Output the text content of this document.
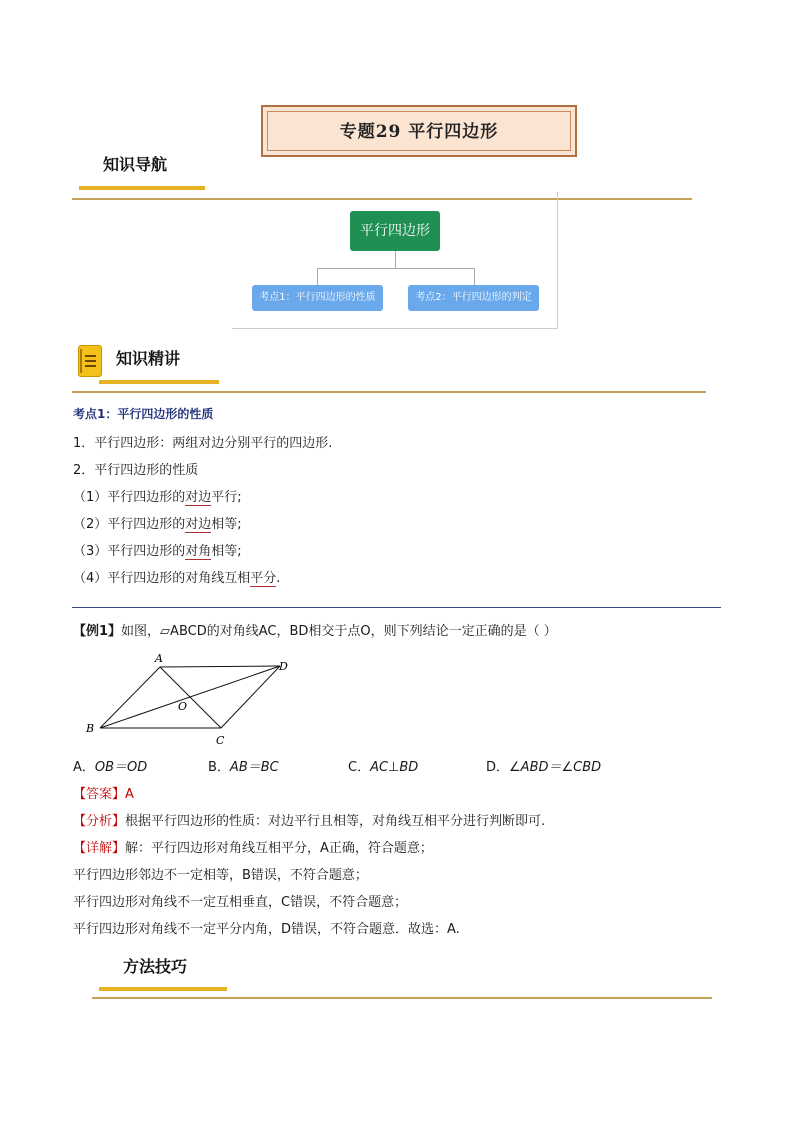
专题29 平行四边形
知识导航
平行四边形
考点1：平行四边形的性质	考点2：平行四边形的判定
知识精讲
考点1：平行四边形的性质
1．平行四边形：两组对边分别平行的四边形.
2．平行四边形的性质
（1）平行四边形的对边平行;
（2）平行四边形的对边相等;
（3）平行四边形的对角相等;
（4）平行四边形的对角线互相平分.
【例1】如图，▱ABCD的对角线AC，BD相交于点O，则下列结论一定正确的是（ ）
A
B
C
D
O
A．OB＝OD	B．AB＝BC	C．AC⊥BD	D．∠ABD＝∠CBD
【答案】A
【分析】根据平行四边形的性质：对边平行且相等，对角线互相平分进行判断即可.
【详解】解：平行四边形对角线互相平分，A正确，符合题意；
平行四边形邻边不一定相等，B错误，不符合题意；
平行四边形对角线不一定互相垂直，C错误，不符合题意；
平行四边形对角线不一定平分内角，D错误，不符合题意．故选：A.
方法技巧
